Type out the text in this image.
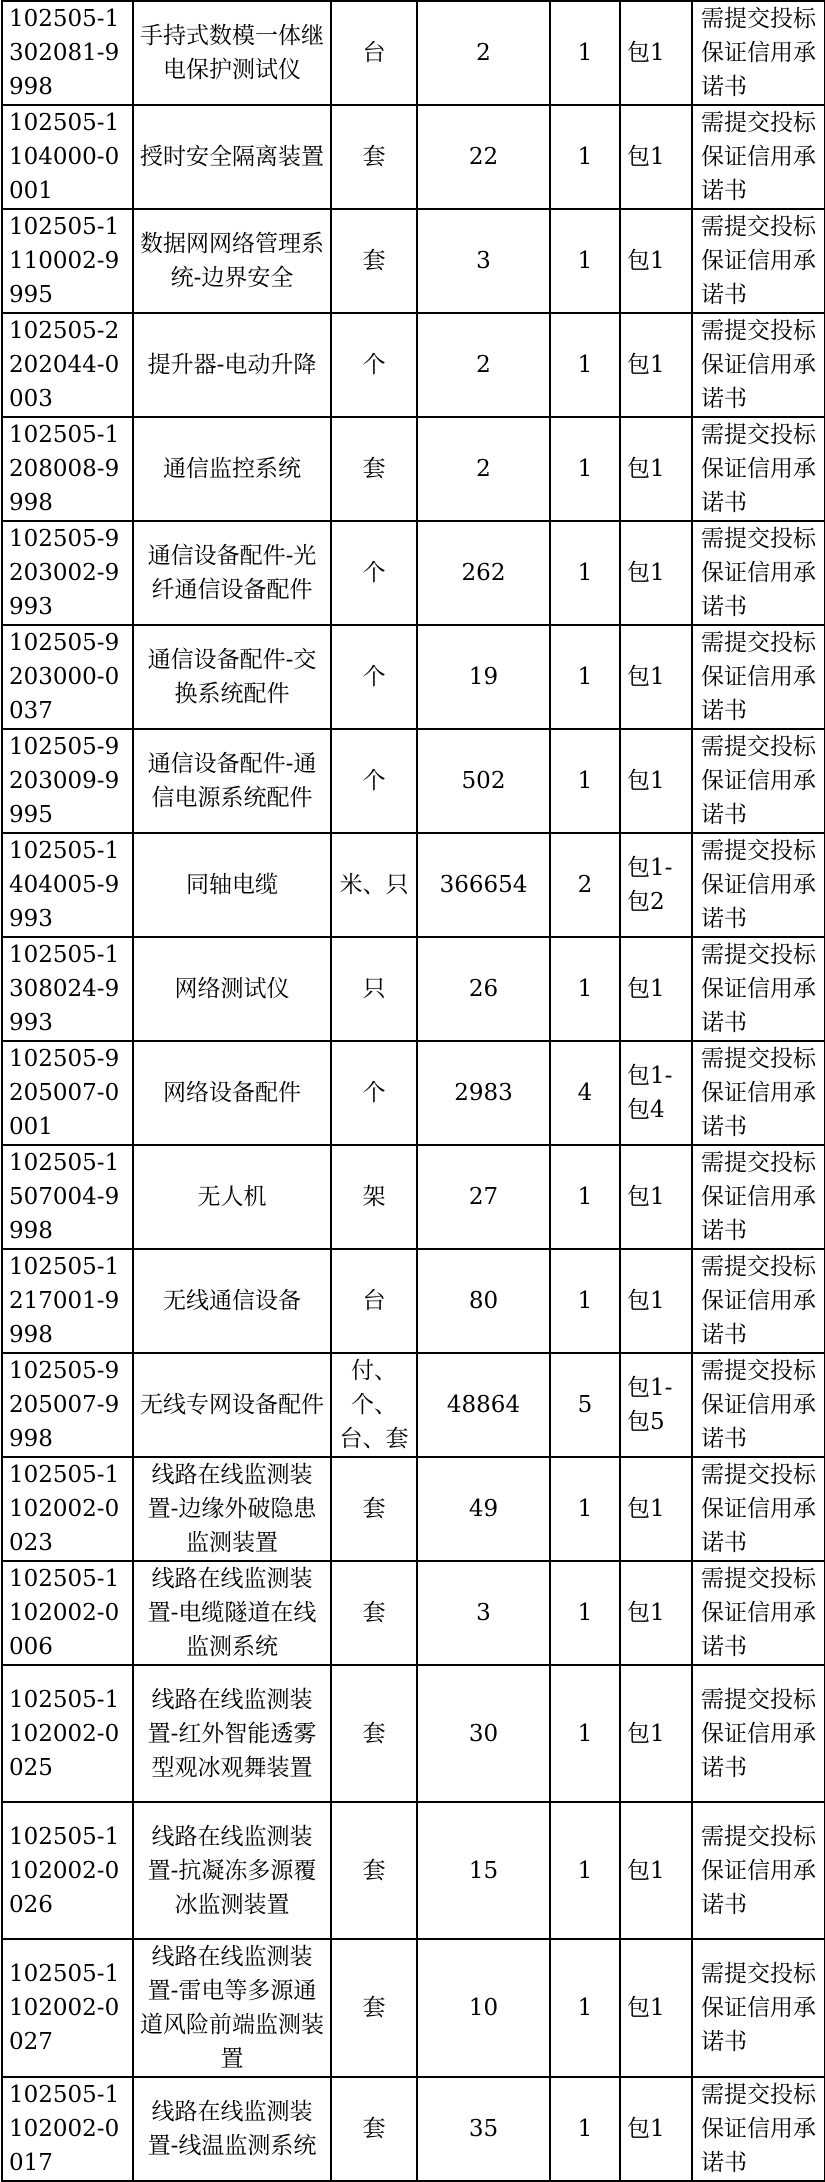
102505-1302081-9998	手持式数模一体继电保护测试仪	台	2	1	包1	需提交投标保证信用承诺书
102505-1104000-0001	授时安全隔离装置	套	22	1	包1	需提交投标保证信用承诺书
102505-1110002-9995	数据网网络管理系统-边界安全	套	3	1	包1	需提交投标保证信用承诺书
102505-2202044-0003	提升器-电动升降	个	2	1	包1	需提交投标保证信用承诺书
102505-1208008-9998	通信监控系统	套	2	1	包1	需提交投标保证信用承诺书
102505-9203002-9993	通信设备配件-光纤通信设备配件	个	262	1	包1	需提交投标保证信用承诺书
102505-9203000-0037	通信设备配件-交换系统配件	个	19	1	包1	需提交投标保证信用承诺书
102505-9203009-9995	通信设备配件-通信电源系统配件	个	502	1	包1	需提交投标保证信用承诺书
102505-1404005-9993	同轴电缆	米、只	366654	2	包1-包2	需提交投标保证信用承诺书
102505-1308024-9993	网络测试仪	只	26	1	包1	需提交投标保证信用承诺书
102505-9205007-0001	网络设备配件	个	2983	4	包1-包4	需提交投标保证信用承诺书
102505-1507004-9998	无人机	架	27	1	包1	需提交投标保证信用承诺书
102505-1217001-9998	无线通信设备	台	80	1	包1	需提交投标保证信用承诺书
102505-9205007-9998	无线专网设备配件	付、个、台、套	48864	5	包1-包5	需提交投标保证信用承诺书
102505-1102002-0023	线路在线监测装置-边缘外破隐患监测装置	套	49	1	包1	需提交投标保证信用承诺书
102505-1102002-0006	线路在线监测装置-电缆隧道在线监测系统	套	3	1	包1	需提交投标保证信用承诺书
102505-1102002-0025	线路在线监测装置-红外智能透雾型观冰观舞装置	套	30	1	包1	需提交投标保证信用承诺书
102505-1102002-0026	线路在线监测装置-抗凝冻多源覆冰监测装置	套	15	1	包1	需提交投标保证信用承诺书
102505-1102002-0027	线路在线监测装置-雷电等多源通道风险前端监测装置	套	10	1	包1	需提交投标保证信用承诺书
102505-1102002-0017	线路在线监测装置-线温监测系统	套	35	1	包1	需提交投标保证信用承诺书
